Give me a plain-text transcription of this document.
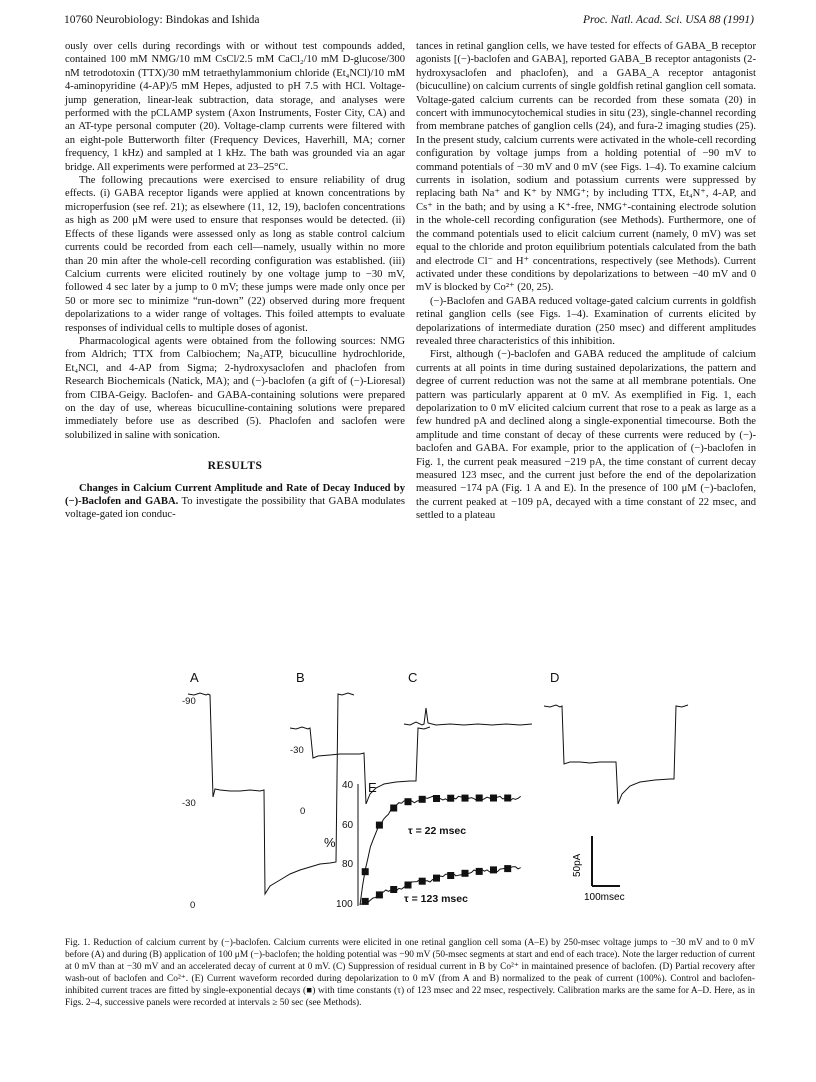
10760 Neurobiology: Bindokas and Ishida	Proc. Natl. Acad. Sci. USA 88 (1991)

ously over cells during recordings with or without test compounds added, contained 100 mM NMG/10 mM CsCl/2.5 mM CaCl₂/10 mM D-glucose/300 nM tetrodotoxin (TTX)/30 mM tetraethylammonium chloride (Et₄NCl)/10 mM 4-aminopyridine (4-AP)/5 mM Hepes, adjusted to pH 7.5 with HCl. Voltage-jump generation, linear-leak subtraction, data storage, and analyses were performed with the pCLAMP system (Axon Instruments, Foster City, CA) and an AT-type personal computer (20). Voltage-clamp currents were filtered with an eight-pole Butterworth filter (Frequency Devices, Haverhill, MA; corner frequency, 1 kHz) and sampled at 1 kHz. The bath was grounded via an agar bridge. All experiments were performed at 23–25°C.

The following precautions were exercised to ensure reliability of drug effects. (i) GABA receptor ligands were applied at known concentrations by microperfusion (see ref. 21); as elsewhere (11, 12, 19), baclofen concentrations as high as 200 μM were used to ensure that responses would be detected. (ii) Effects of these ligands were assessed only as long as stable control calcium currents could be recorded from each cell—namely, usually within no more than 20 min after the whole-cell recording configuration was established. (iii) Calcium currents were elicited routinely by one voltage jump to −30 mV, followed 4 sec later by a jump to 0 mV; these jumps were made only once per 50 or more sec to minimize “run-down” (22) observed during more frequent depolarizations to a wider range of voltages. This foiled attempts to evaluate responses of individual cells to multiple doses of agonist.

Pharmacological agents were obtained from the following sources: NMG from Aldrich; TTX from Calbiochem; Na₂ATP, bicuculline hydrochloride, Et₄NCl, and 4-AP from Sigma; 2-hydroxysaclofen and phaclofen from Research Biochemicals (Natick, MA); and (−)-baclofen (a gift of (−)-Lioresal) from CIBA-Geigy. Baclofen- and GABA-containing solutions were prepared on the day of use, whereas bicuculline-containing solutions were prepared immediately before use as described (5). Phaclofen and saclofen were solubilized in saline with sonication.

RESULTS

Changes in Calcium Current Amplitude and Rate of Decay Induced by (−)-Baclofen and GABA. To investigate the possibility that GABA modulates voltage-gated ion conduc-

tances in retinal ganglion cells, we have tested for effects of GABA_B receptor agonists [(−)-baclofen and GABA], reported GABA_B receptor antagonists (2-hydroxysaclofen and phaclofen), and a GABA_A receptor antagonist (bicuculline) on calcium currents of single goldfish retinal ganglion cell somata. Voltage-gated calcium currents can be recorded from these somata (20) in concert with immunocytochemical studies in situ (23), single-channel recording from membrane patches of ganglion cells (24), and fura-2 imaging studies (25). In the present study, calcium currents were activated in the whole-cell recording configuration by voltage jumps from a holding potential of −90 mV to command potentials of −30 mV and 0 mV (see Figs. 1–4). To examine calcium currents in isolation, sodium and potassium currents were suppressed by replacing bath Na⁺ and K⁺ by NMG⁺; by including TTX, Et₄N⁺, 4-AP, and Cs⁺ in the bath; and by using a K⁺-free, NMG⁺-containing electrode solution in the whole-cell recording configuration (see Methods). Furthermore, one of the command potentials used to elicit calcium current (namely, 0 mV) was set equal to the chloride and proton equilibrium potentials calculated from the bath and electrode Cl⁻ and H⁺ concentrations, respectively (see Methods). Current activated under these conditions by depolarizations to between −40 mV and 0 mV is blocked by Co²⁺ (20, 25).

(−)-Baclofen and GABA reduced voltage-gated calcium currents in goldfish retinal ganglion cells (see Figs. 1–4). Examination of currents elicited by depolarizations of intermediate duration (250 msec) and different amplitudes revealed three characteristics of this inhibition.

First, although (−)-baclofen and GABA reduced the amplitude of calcium currents at all points in time during sustained depolarizations, the pattern and degree of current reduction was not the same at all membrane potentials. One pattern was particularly apparent at 0 mV. As exemplified in Fig. 1, each depolarization to 0 mV elicited calcium current that rose to a peak as large as a few hundred pA and declined along a single-exponential timecourse. Both the amplitude and time constant of decay of these currents were reduced by (−)-baclofen and GABA. For example, prior to the application of (−)-baclofen in Fig. 1, the current peak measured −219 pA, the time constant of current decay measured 123 msec, and the current just before the end of the depolarization measured −174 pA (Fig. 1 A and E). In the presence of 100 μM (−)-baclofen, the current peaked at −109 pA, decayed with a time constant of 22 msec, and settled to a plateau

A	B	C	D
E
-90
-30
0
-30
0
50pA
100msec
40
60
80
100
%
τ = 22 msec
τ = 123 msec
Fig. 1. Reduction of calcium current by (−)-baclofen. Calcium currents were elicited in one retinal ganglion cell soma (A–E) by 250-msec voltage jumps to −30 mV and to 0 mV before (A) and during (B) application of 100 μM (−)-baclofen; the holding potential was −90 mV (50-msec segments at start and end of each trace). Note the larger reduction of current at 0 mV than at −30 mV and an accelerated decay of current at 0 mV. (C) Suppression of residual current in B by Co²⁺ in maintained presence of baclofen. (D) Partial recovery after wash-out of baclofen and Co²⁺. (E) Current waveform recorded during depolarization to 0 mV (from A and B) normalized to the peak of current (100%). Control and baclofen-inhibited current traces are fitted by single-exponential decays (■) with time constants (τ) of 123 msec and 22 msec, respectively. Calibration marks are the same for A–D. Here, as in Figs. 2–4, successive panels were recorded at intervals ≥ 50 sec (see Methods).
